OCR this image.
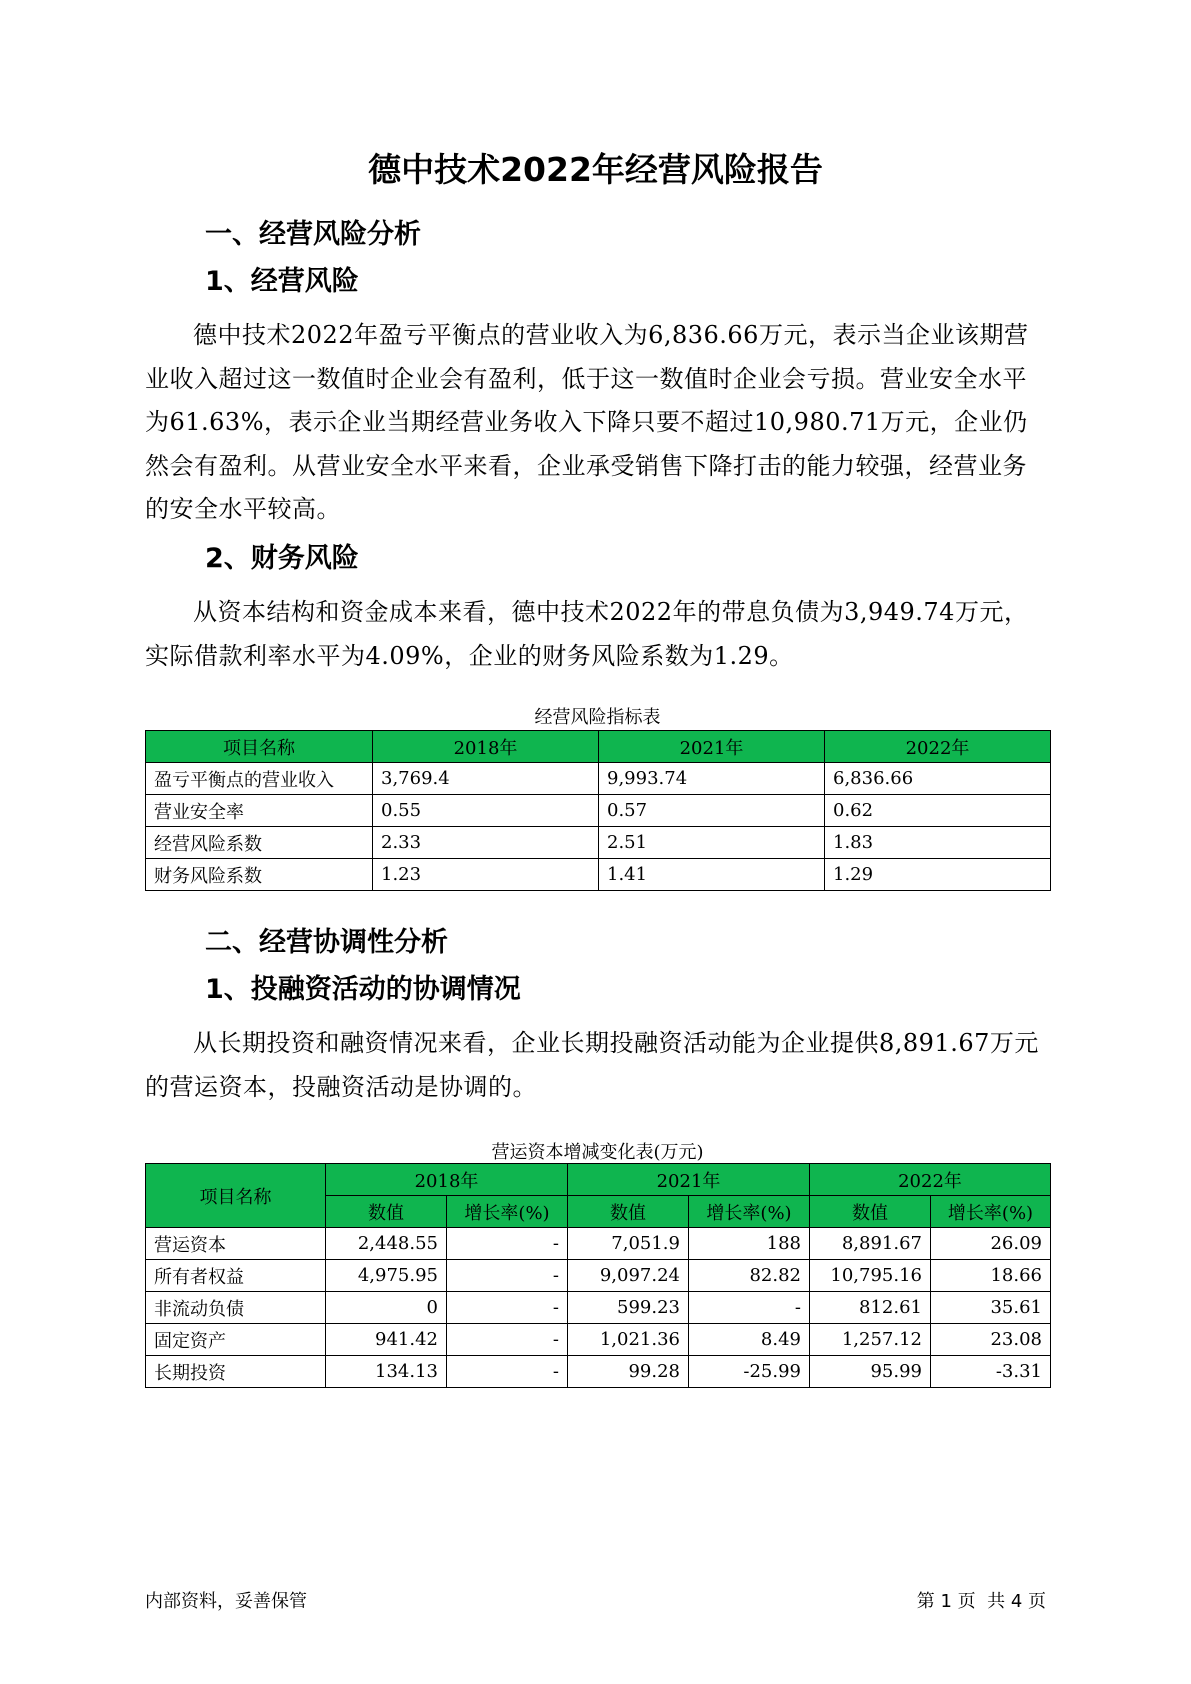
德中技术2022年经营风险报告
一、经营风险分析
1、经营风险

德中技术2022年盈亏平衡点的营业收入为6,836.66万元，表示当企业该期营业收入超过这一数值时企业会有盈利，低于这一数值时企业会亏损。营业安全水平为61.63%，表示企业当期经营业务收入下降只要不超过10,980.71万元，企业仍然会有盈利。从营业安全水平来看，企业承受销售下降打击的能力较强，经营业务的安全水平较高。

2、财务风险

从资本结构和资金成本来看，德中技术2022年的带息负债为3,949.74万元，实际借款利率水平为4.09%，企业的财务风险系数为1.29。

经营风险指标表
项目名称	2018年	2021年	2022年
盈亏平衡点的营业收入	3,769.4	9,993.74	6,836.66
营业安全率	0.55	0.57	0.62
经营风险系数	2.33	2.51	1.83
财务风险系数	1.23	1.41	1.29
二、经营协调性分析
1、投融资活动的协调情况

从长期投资和融资情况来看，企业长期投融资活动能为企业提供8,891.67万元的营运资本，投融资活动是协调的。

营运资本增减变化表(万元)
项目名称	2018年		2021年		2022年	
	数值	增长率(%)	数值	增长率(%)	数值	增长率(%)
营运资本	2,448.55	-	7,051.9	188	8,891.67	26.09
所有者权益	4,975.95	-	9,097.24	82.82	10,795.16	18.66
非流动负债	0	-	599.23	-	812.61	35.61
固定资产	941.42	-	1,021.36	8.49	1,257.12	23.08
长期投资	134.13	-	99.28	-25.99	95.99	-3.31
内部资料，妥善保管	第 1 页  共 4 页
